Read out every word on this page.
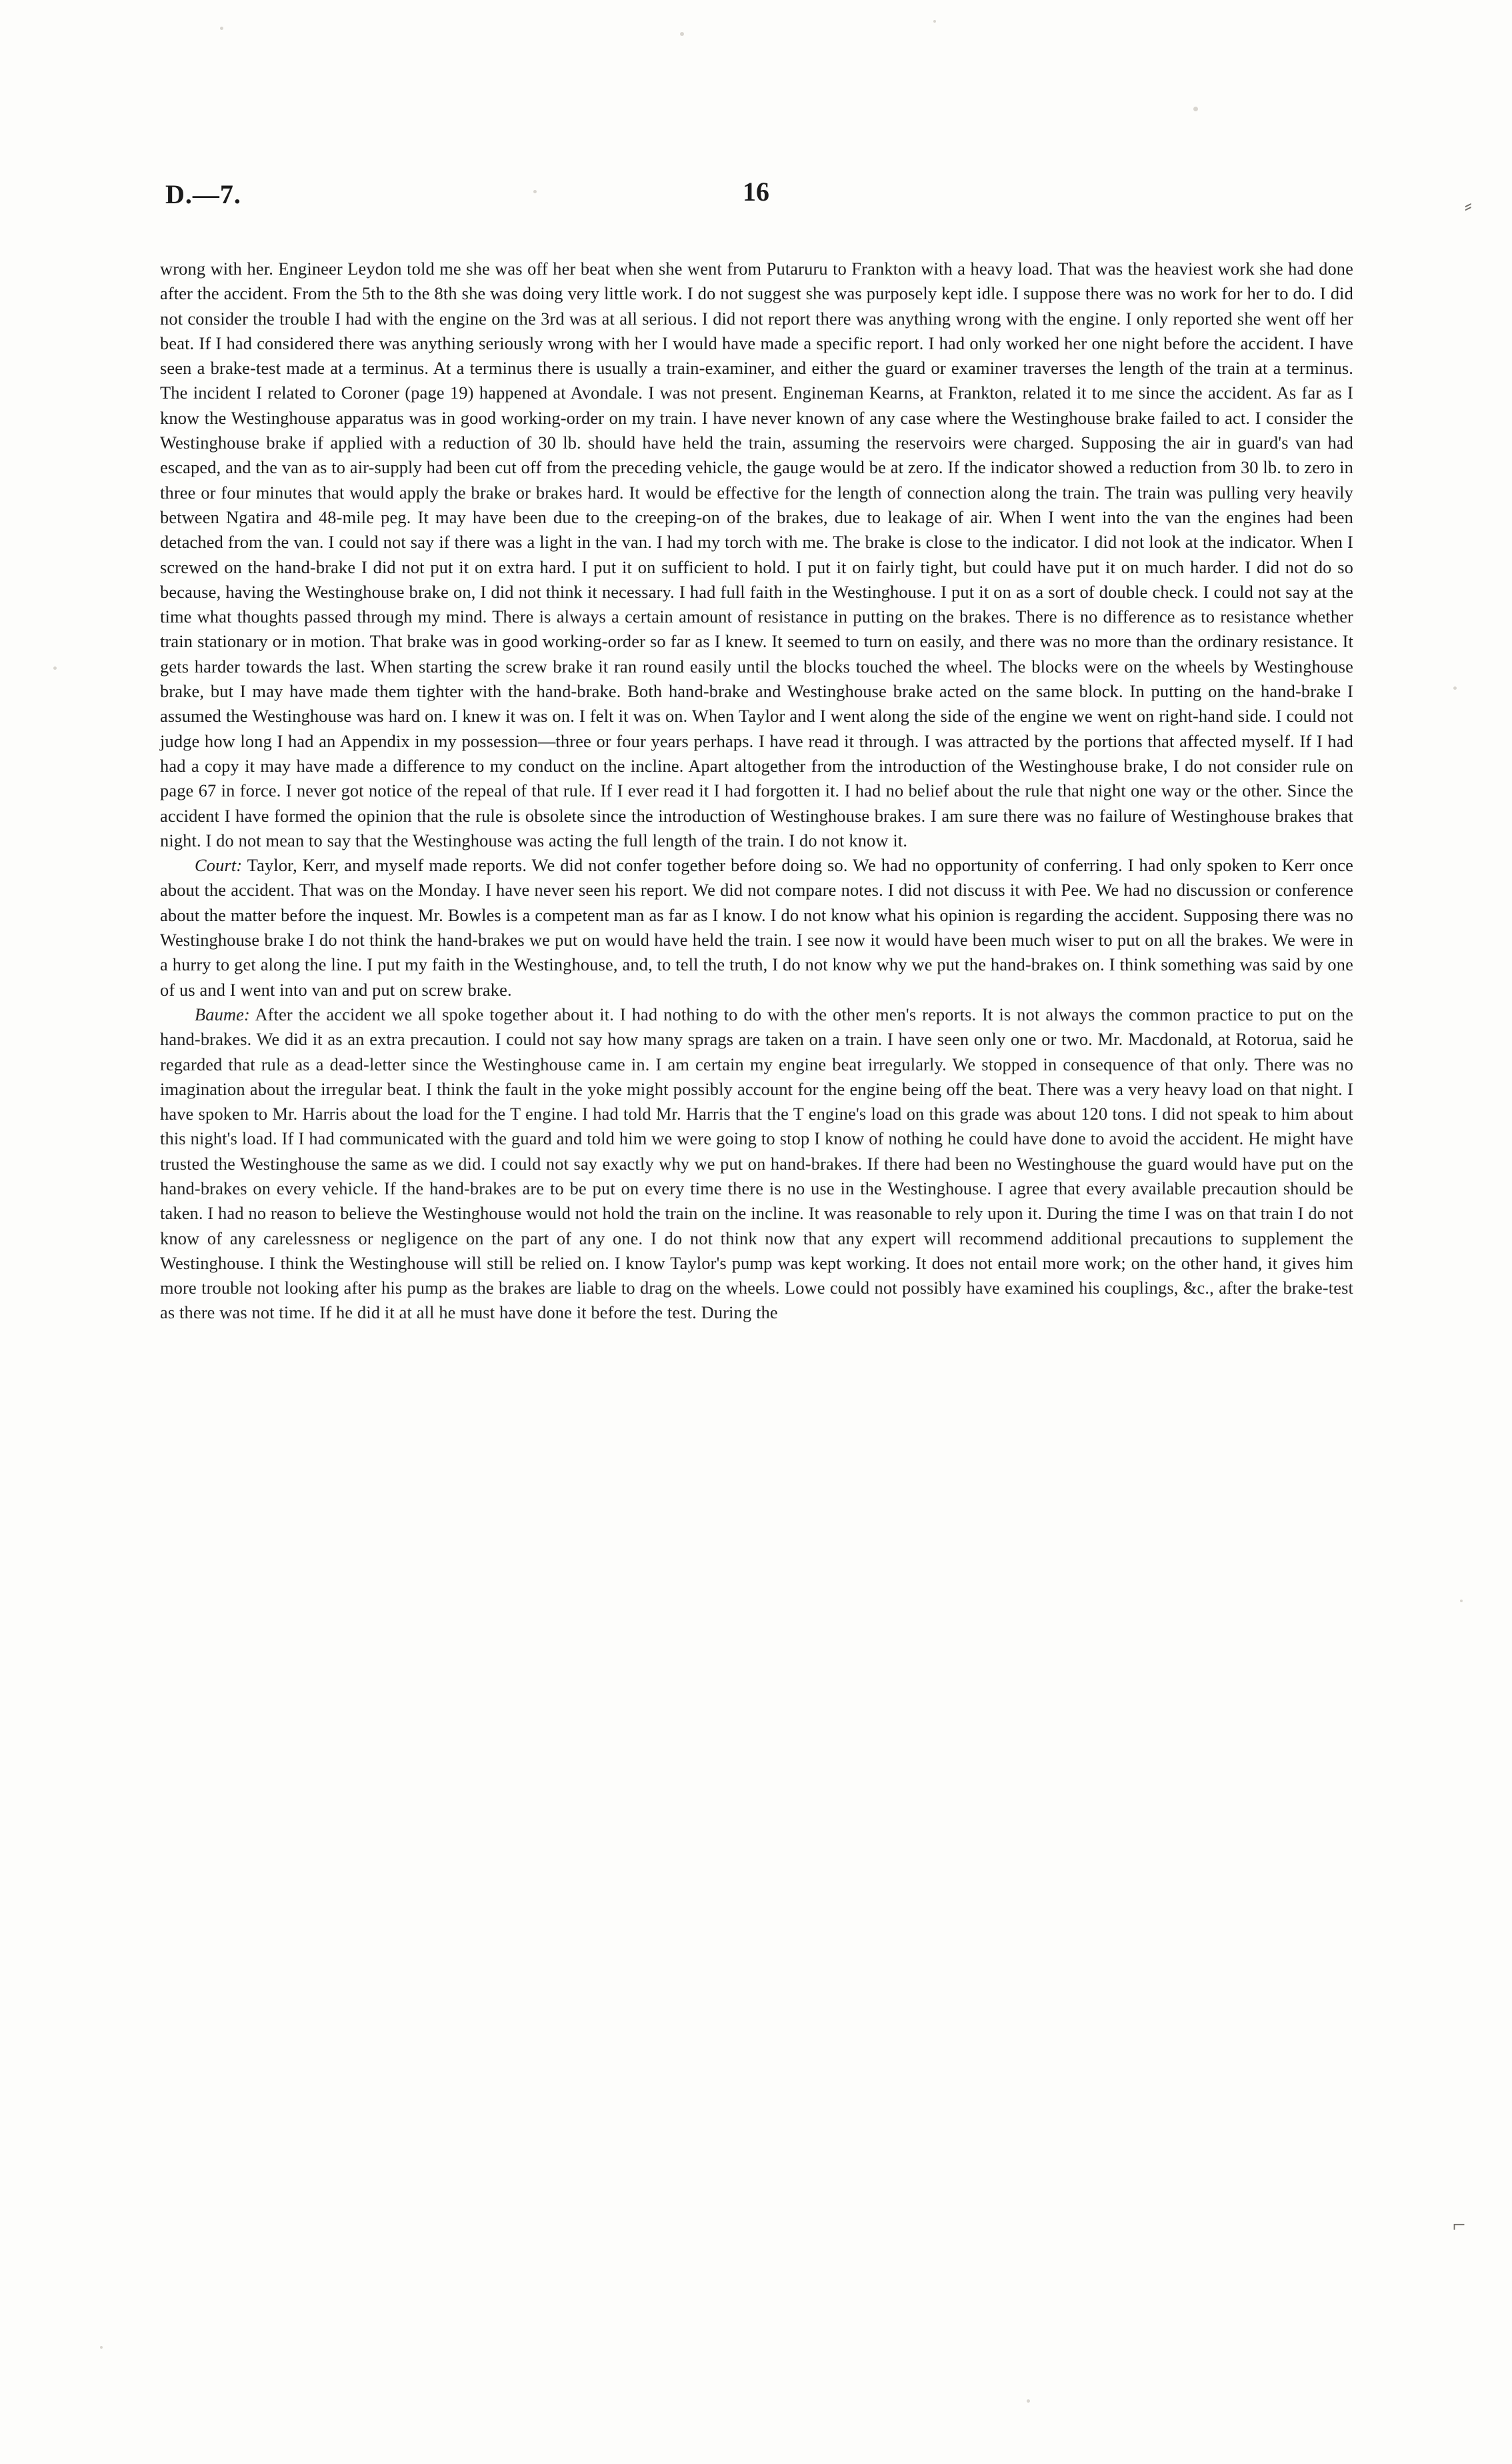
D.—7.	16	⸗
⌐

wrong with her. Engineer Leydon told me she was off her beat when she went from Putaruru to Frankton with a heavy load. That was the heaviest work she had done after the accident. From the 5th to the 8th she was doing very little work. I do not suggest she was purposely kept idle. I suppose there was no work for her to do. I did not consider the trouble I had with the engine on the 3rd was at all serious. I did not report there was anything wrong with the engine. I only reported she went off her beat. If I had considered there was anything seriously wrong with her I would have made a specific report. I had only worked her one night before the accident. I have seen a brake-test made at a terminus. At a terminus there is usually a train-examiner, and either the guard or examiner traverses the length of the train at a terminus. The incident I related to Coroner (page 19) happened at Avondale. I was not present. Engineman Kearns, at Frankton, related it to me since the accident. As far as I know the Westinghouse apparatus was in good working-order on my train. I have never known of any case where the Westinghouse brake failed to act. I consider the Westinghouse brake if applied with a reduction of 30 lb. should have held the train, assuming the reservoirs were charged. Supposing the air in guard's van had escaped, and the van as to air-supply had been cut off from the preceding vehicle, the gauge would be at zero. If the indicator showed a reduction from 30 lb. to zero in three or four minutes that would apply the brake or brakes hard. It would be effective for the length of connection along the train. The train was pulling very heavily between Ngatira and 48-mile peg. It may have been due to the creeping-on of the brakes, due to leakage of air. When I went into the van the engines had been detached from the van. I could not say if there was a light in the van. I had my torch with me. The brake is close to the indicator. I did not look at the indicator. When I screwed on the hand-brake I did not put it on extra hard. I put it on sufficient to hold. I put it on fairly tight, but could have put it on much harder. I did not do so because, having the Westinghouse brake on, I did not think it necessary. I had full faith in the Westinghouse. I put it on as a sort of double check. I could not say at the time what thoughts passed through my mind. There is always a certain amount of resistance in putting on the brakes. There is no difference as to resistance whether train stationary or in motion. That brake was in good working-order so far as I knew. It seemed to turn on easily, and there was no more than the ordinary resistance. It gets harder towards the last. When starting the screw brake it ran round easily until the blocks touched the wheel. The blocks were on the wheels by Westinghouse brake, but I may have made them tighter with the hand-brake. Both hand-brake and Westinghouse brake acted on the same block. In putting on the hand-brake I assumed the Westinghouse was hard on. I knew it was on. I felt it was on. When Taylor and I went along the side of the engine we went on right-hand side. I could not judge how long I had an Appendix in my possession—three or four years perhaps. I have read it through. I was attracted by the portions that affected myself. If I had had a copy it may have made a difference to my conduct on the incline. Apart altogether from the introduction of the Westinghouse brake, I do not consider rule on page 67 in force. I never got notice of the repeal of that rule. If I ever read it I had forgotten it. I had no belief about the rule that night one way or the other. Since the accident I have formed the opinion that the rule is obsolete since the introduction of Westinghouse brakes. I am sure there was no failure of Westinghouse brakes that night. I do not mean to say that the Westinghouse was acting the full length of the train. I do not know it.

Court: Taylor, Kerr, and myself made reports. We did not confer together before doing so. We had no opportunity of conferring. I had only spoken to Kerr once about the accident. That was on the Monday. I have never seen his report. We did not compare notes. I did not discuss it with Pee. We had no discussion or conference about the matter before the inquest. Mr. Bowles is a competent man as far as I know. I do not know what his opinion is regarding the accident. Supposing there was no Westinghouse brake I do not think the hand-brakes we put on would have held the train. I see now it would have been much wiser to put on all the brakes. We were in a hurry to get along the line. I put my faith in the Westinghouse, and, to tell the truth, I do not know why we put the hand-brakes on. I think something was said by one of us and I went into van and put on screw brake.

Baume: After the accident we all spoke together about it. I had nothing to do with the other men's reports. It is not always the common practice to put on the hand-brakes. We did it as an extra precaution. I could not say how many sprags are taken on a train. I have seen only one or two. Mr. Macdonald, at Rotorua, said he regarded that rule as a dead-letter since the Westinghouse came in. I am certain my engine beat irregularly. We stopped in consequence of that only. There was no imagination about the irregular beat. I think the fault in the yoke might possibly account for the engine being off the beat. There was a very heavy load on that night. I have spoken to Mr. Harris about the load for the T engine. I had told Mr. Harris that the T engine's load on this grade was about 120 tons. I did not speak to him about this night's load. If I had communicated with the guard and told him we were going to stop I know of nothing he could have done to avoid the accident. He might have trusted the Westinghouse the same as we did. I could not say exactly why we put on hand-brakes. If there had been no Westinghouse the guard would have put on the hand-brakes on every vehicle. If the hand-brakes are to be put on every time there is no use in the Westinghouse. I agree that every available precaution should be taken. I had no reason to believe the Westinghouse would not hold the train on the incline. It was reasonable to rely upon it. During the time I was on that train I do not know of any carelessness or negligence on the part of any one. I do not think now that any expert will recommend additional precautions to supplement the Westinghouse. I think the Westinghouse will still be relied on. I know Taylor's pump was kept working. It does not entail more work; on the other hand, it gives him more trouble not looking after his pump as the brakes are liable to drag on the wheels. Lowe could not possibly have examined his couplings, &c., after the brake-test as there was not time. If he did it at all he must have done it before the test. During the
